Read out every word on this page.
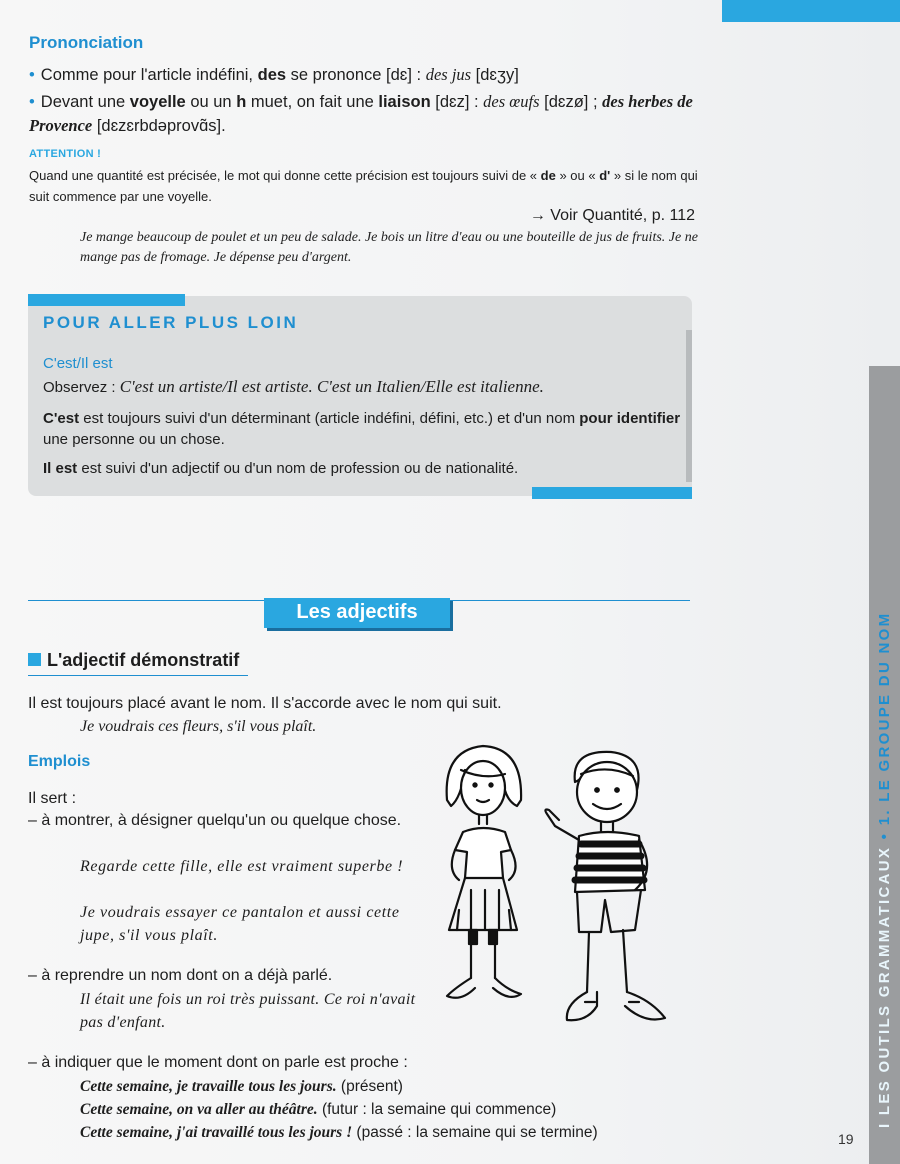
Prononciation
• Comme pour l'article indéfini, des se prononce [dɛ] : des jus [dɛʒy]
• Devant une voyelle ou un h muet, on fait une liaison [dɛz] : des œufs [dɛzø] ; des herbes de Provence [dɛzɛrbdəprovɑ̃s].
ATTENTION !
Quand une quantité est précisée, le mot qui donne cette précision est toujours suivi de « de » ou « d' » si le nom qui suit commence par une voyelle.
→ Voir Quantité, p. 112
Je mange beaucoup de poulet et un peu de salade. Je bois un litre d'eau ou une bouteille de jus de fruits. Je ne mange pas de fromage. Je dépense peu d'argent.
POUR ALLER PLUS LOIN
C'est/Il est
Observez : C'est un artiste/Il est artiste. C'est un Italien/Elle est italienne.
C'est est toujours suivi d'un déterminant (article indéfini, défini, etc.) et d'un nom pour identifier une personne ou un chose.
Il est est suivi d'un adjectif ou d'un nom de profession ou de nationalité.
Les adjectifs
L'adjectif démonstratif
Il est toujours placé avant le nom. Il s'accorde avec le nom qui suit.
Je voudrais ces fleurs, s'il vous plaît.
Emplois
Il sert :
– à montrer, à désigner quelqu'un ou quelque chose.
Regarde cette fille, elle est vraiment superbe !
Je voudrais essayer ce pantalon et aussi cette jupe, s'il vous plaît.
– à reprendre un nom dont on a déjà parlé.
Il était une fois un roi très puissant. Ce roi n'avait pas d'enfant.
– à indiquer que le moment dont on parle est proche :
Cette semaine, je travaille tous les jours. (présent)
Cette semaine, on va aller au théâtre. (futur : la semaine qui commence)
Cette semaine, j'ai travaillé tous les jours ! (passé : la semaine qui se termine)
I LES OUTILS GRAMMATICAUX • 1. LE GROUPE DU NOM
19
